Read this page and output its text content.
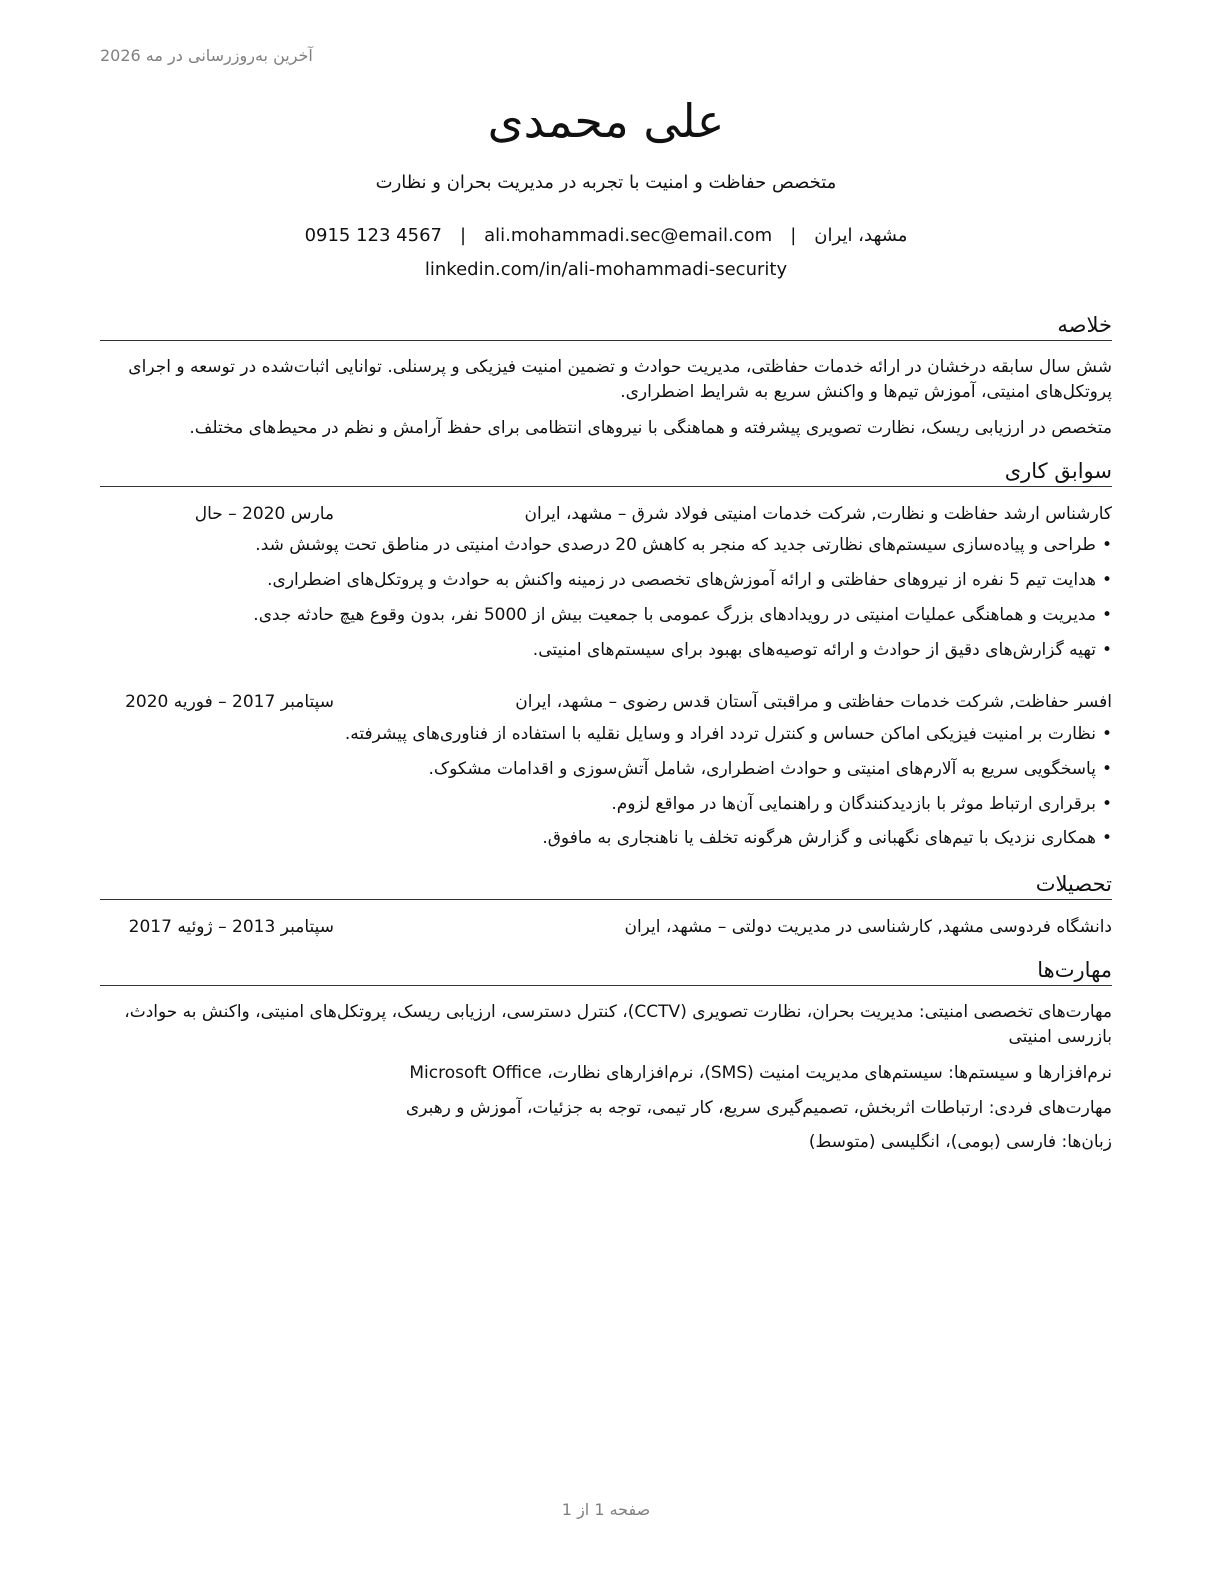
آخرین به‌روزرسانی در مه 2026
علی محمدی
متخصص حفاظت و امنیت با تجربه در مدیریت بحران و نظارت
مشهد، ایران
|
ali.mohammadi.sec@email.com
|
0915 123 4567
linkedin.com/in/ali-mohammadi-security
خلاصه
شش سال سابقه درخشان در ارائه خدمات حفاظتی، مدیریت حوادث و تضمین امنیت فیزیکی و پرسنلی. توانایی اثبات‌شده در توسعه و اجرای پروتکل‌های امنیتی، آموزش تیم‌ها و واکنش سریع به شرایط اضطراری.
متخصص در ارزیابی ریسک، نظارت تصویری پیشرفته و هماهنگی با نیروهای انتظامی برای حفظ آرامش و نظم در محیط‌های مختلف.
سوابق کاری
کارشناس ارشد حفاظت و نظارت, شرکت خدمات امنیتی فولاد شرق – مشهد، ایران
مارس 2020 – حال
•طراحی و پیاده‌سازی سیستم‌های نظارتی جدید که منجر به کاهش 20 درصدی حوادث امنیتی در مناطق تحت پوشش شد.
•هدایت تیم 5 نفره از نیروهای حفاظتی و ارائه آموزش‌های تخصصی در زمینه واکنش به حوادث و پروتکل‌های اضطراری.
•مدیریت و هماهنگی عملیات امنیتی در رویدادهای بزرگ عمومی با جمعیت بیش از 5000 نفر، بدون وقوع هیچ حادثه جدی.
•تهیه گزارش‌های دقیق از حوادث و ارائه توصیه‌های بهبود برای سیستم‌های امنیتی.
افسر حفاظت, شرکت خدمات حفاظتی و مراقبتی آستان قدس رضوی – مشهد، ایران
سپتامبر 2017 – فوریه 2020
•نظارت بر امنیت فیزیکی اماکن حساس و کنترل تردد افراد و وسایل نقلیه با استفاده از فناوری‌های پیشرفته.
•پاسخگویی سریع به آلارم‌های امنیتی و حوادث اضطراری، شامل آتش‌سوزی و اقدامات مشکوک.
•برقراری ارتباط موثر با بازدیدکنندگان و راهنمایی آن‌ها در مواقع لزوم.
•همکاری نزدیک با تیم‌های نگهبانی و گزارش هرگونه تخلف یا ناهنجاری به مافوق.
تحصیلات
دانشگاه فردوسی مشهد, کارشناسی در مدیریت دولتی – مشهد، ایران
سپتامبر 2013 – ژوئیه 2017
مهارت‌ها
مهارت‌های تخصصی امنیتی: مدیریت بحران، نظارت تصویری (CCTV)، کنترل دسترسی، ارزیابی ریسک، پروتکل‌های امنیتی، واکنش به حوادث، بازرسی امنیتی
نرم‌افزارها و سیستم‌ها: سیستم‌های مدیریت امنیت (SMS)، نرم‌افزارهای نظارت، Microsoft Office
مهارت‌های فردی: ارتباطات اثربخش، تصمیم‌گیری سریع، کار تیمی، توجه به جزئیات، آموزش و رهبری
زبان‌ها: فارسی (بومی)، انگلیسی (متوسط)
صفحه 1 از 1
